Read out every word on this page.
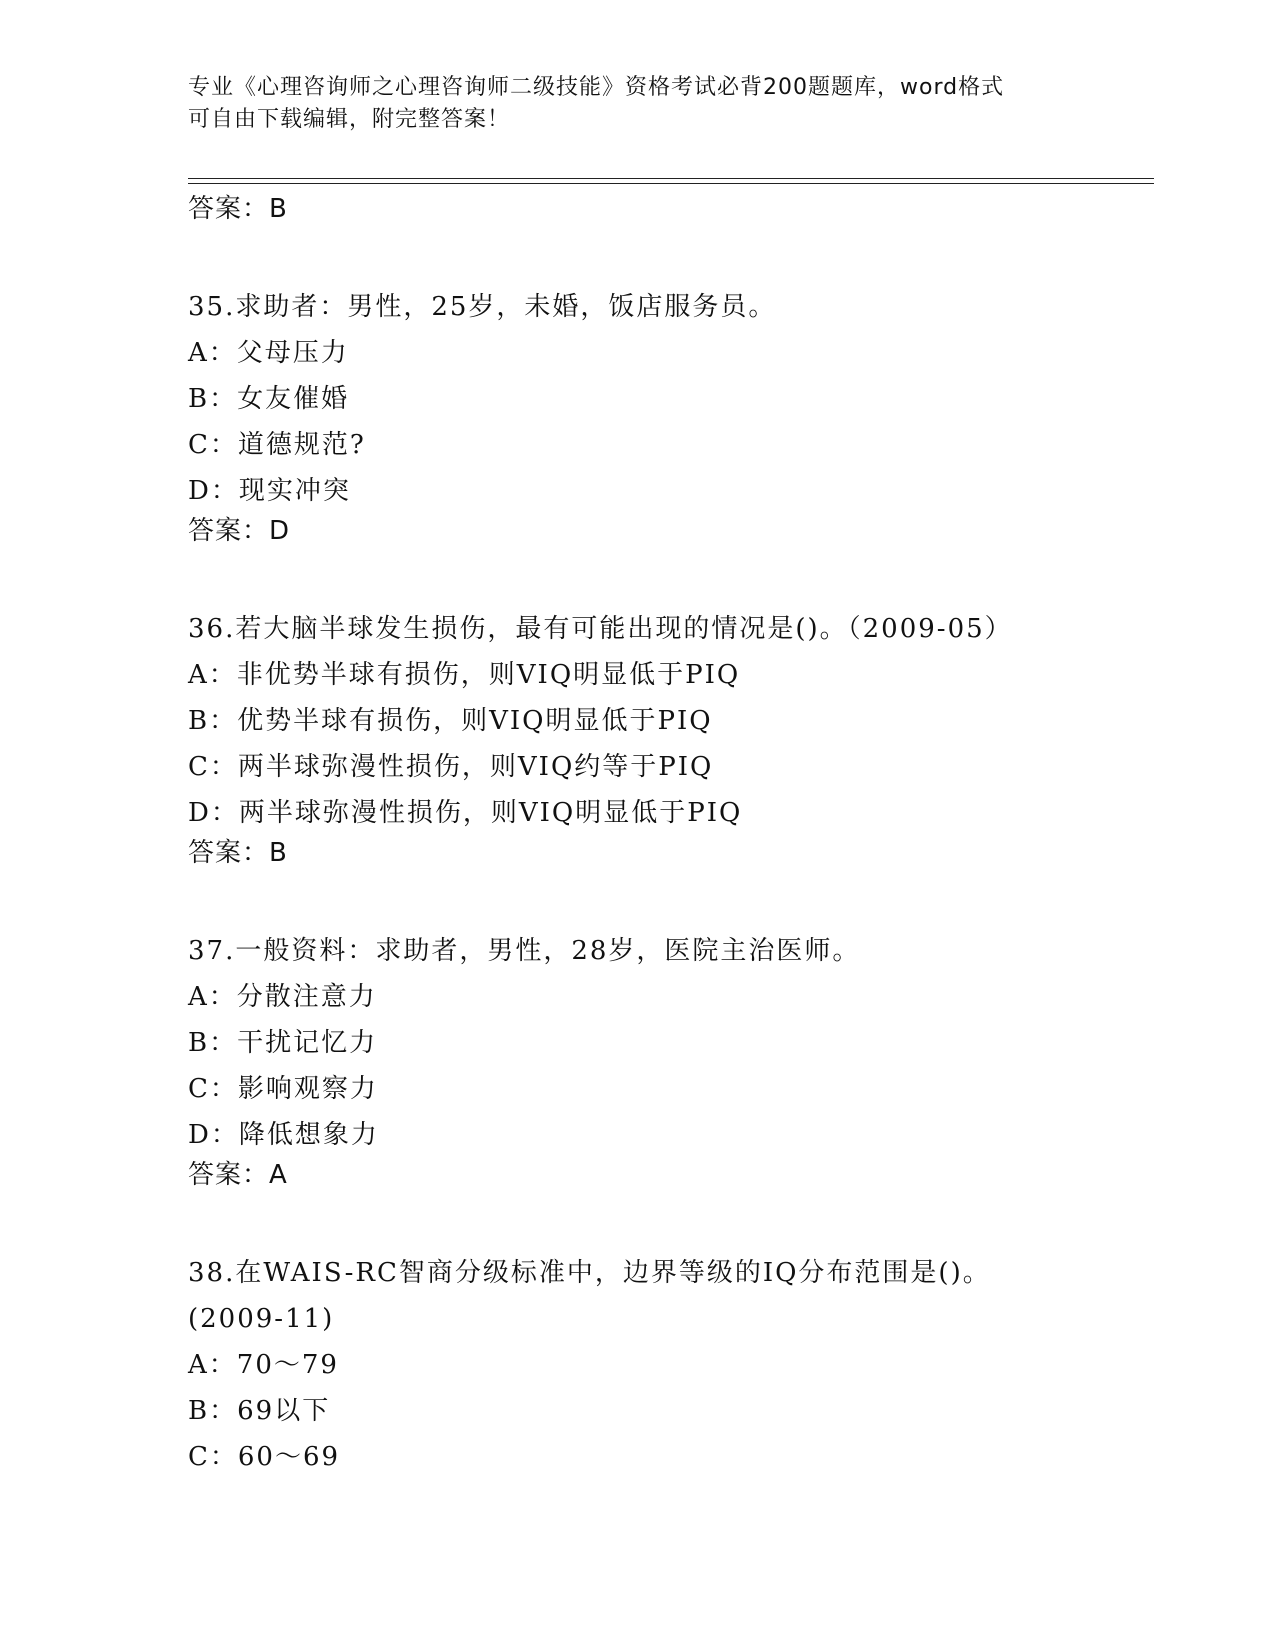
专业《心理咨询师之心理咨询师二级技能》资格考试必背200题题库，word格式
可自由下载编辑，附完整答案！
答案：B
35.求助者：男性，25岁，未婚，饭店服务员。
A：父母压力
B：女友催婚
C：道德规范?
D：现实冲突
答案：D
36.若大脑半球发生损伤，最有可能出现的情况是()。（2009-05）
A：非优势半球有损伤，则VIQ明显低于PIQ
B：优势半球有损伤，则VIQ明显低于PIQ
C：两半球弥漫性损伤，则VIQ约等于PIQ
D：两半球弥漫性损伤，则VIQ明显低于PIQ
答案：B
37.一般资料：求助者，男性，28岁，医院主治医师。
A：分散注意力
B：干扰记忆力
C：影响观察力
D：降低想象力
答案：A
38.在WAIS-RC智商分级标准中，边界等级的IQ分布范围是()。
(2009-11)
A：70～79
B：69以下
C：60～69
